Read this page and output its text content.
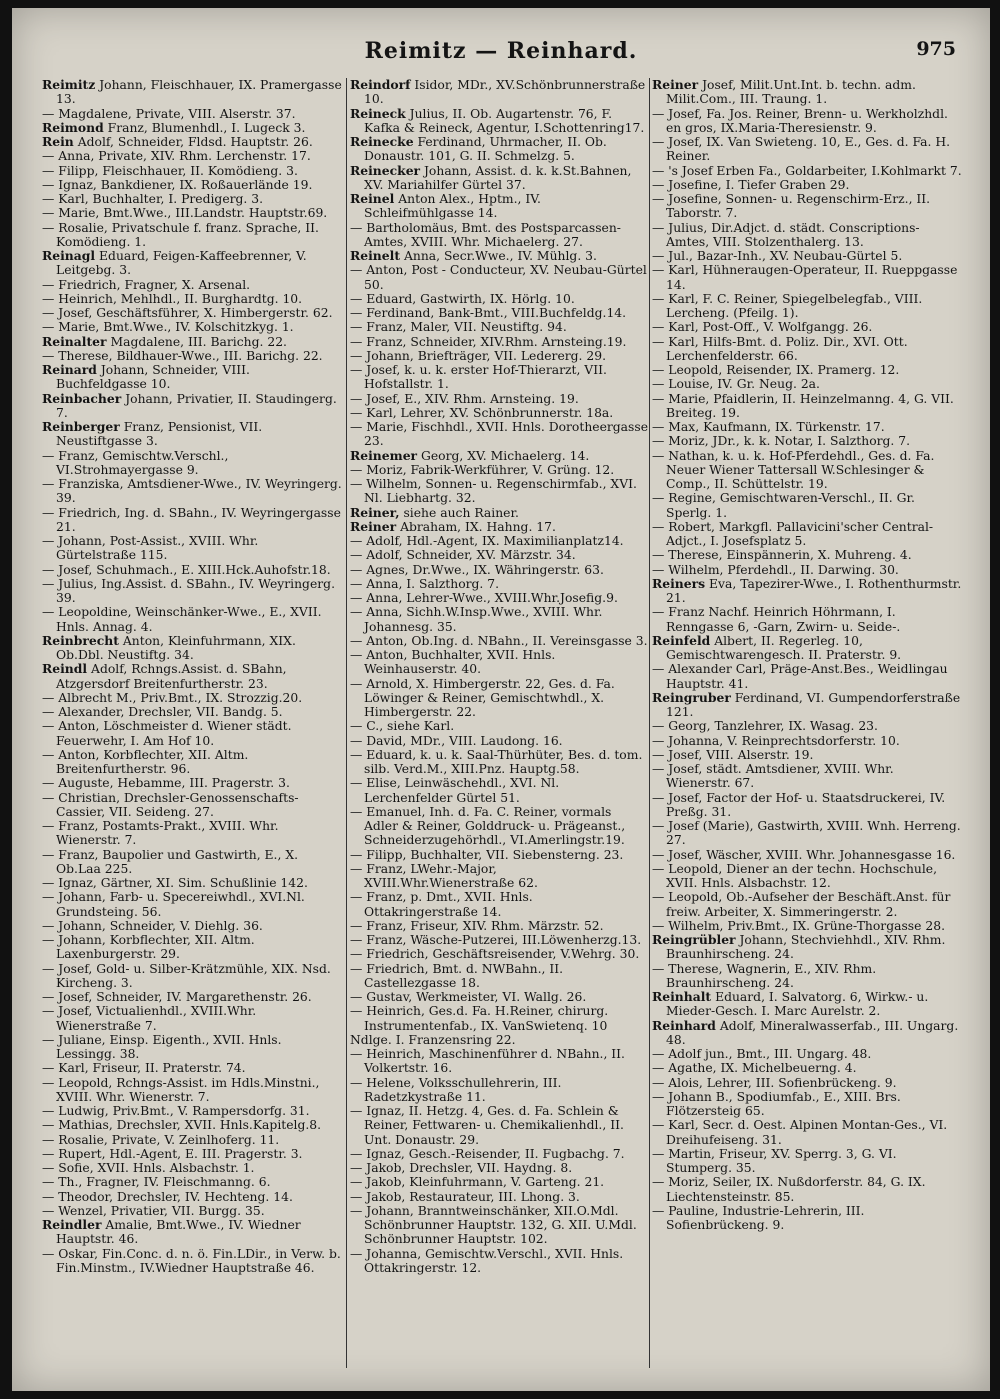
Reimitz — Reinhard.	975

Reimitz Johann, Fleischhauer, IX. Pramergasse 13.

— Magdalene, Private, VIII. Alserstr. 37.

Reimond Franz, Blumenhdl., I. Lugeck 3.

Rein Adolf, Schneider, Fldsd. Hauptstr. 26.

— Anna, Private, XIV. Rhm. Lerchenstr. 17.

— Filipp, Fleischhauer, II. Komödieng. 3.

— Ignaz, Bankdiener, IX. Roßauerlände 19.

— Karl, Buchhalter, I. Predigerg. 3.

— Marie, Bmt.Wwe., III.Landstr. Hauptstr.69.

— Rosalie, Privatschule f. franz. Sprache, II. Komödieng. 1.

Reinagl Eduard, Feigen-Kaffeebrenner, V. Leitgebg. 3.

— Friedrich, Fragner, X. Arsenal.

— Heinrich, Mehlhdl., II. Burghardtg. 10.

— Josef, Geschäftsführer, X. Himbergerstr. 62.

— Marie, Bmt.Wwe., IV. Kolschitzkyg. 1.

Reinalter Magdalene, III. Barichg. 22.

— Therese, Bildhauer-Wwe., III. Barichg. 22.

Reinard Johann, Schneider, VIII. Buchfeldgasse 10.

Reinbacher Johann, Privatier, II. Staudingerg. 7.

Reinberger Franz, Pensionist, VII. Neustiftgasse 3.

— Franz, Gemischtw.Verschl., VI.Strohmayergasse 9.

— Franziska, Amtsdiener-Wwe., IV. Weyringerg. 39.

— Friedrich, Ing. d. SBahn., IV. Weyringergasse 21.

— Johann, Post-Assist., XVIII. Whr. Gürtelstraße 115.

— Josef, Schuhmach., E. XIII.Hck.Auhofstr.18.

— Julius, Ing.Assist. d. SBahn., IV. Weyringerg. 39.

— Leopoldine, Weinschänker-Wwe., E., XVII. Hnls. Annag. 4.

Reinbrecht Anton, Kleinfuhrmann, XIX. Ob.Dbl. Neustiftg. 34.

Reindl Adolf, Rchngs.Assist. d. SBahn, Atzgersdorf Breitenfurtherstr. 23.

— Albrecht M., Priv.Bmt., IX. Strozzig.20.

— Alexander, Drechsler, VII. Bandg. 5.

— Anton, Löschmeister d. Wiener städt. Feuerwehr, I. Am Hof 10.

— Anton, Korbflechter, XII. Altm. Breitenfurtherstr. 96.

— Auguste, Hebamme, III. Pragerstr. 3.

— Christian, Drechsler-Genossenschafts-Cassier, VII. Seideng. 27.

— Franz, Postamts-Prakt., XVIII. Whr. Wienerstr. 7.

— Franz, Baupolier und Gastwirth, E., X. Ob.Laa 225.

— Ignaz, Gärtner, XI. Sim. Schußlinie 142.

— Johann, Farb- u. Specereiwhdl., XVI.Nl. Grundsteing. 56.

— Johann, Schneider, V. Diehlg. 36.

— Johann, Korbflechter, XII. Altm. Laxenburgerstr. 29.

— Josef, Gold- u. Silber-Krätzmühle, XIX. Nsd. Kircheng. 3.

— Josef, Schneider, IV. Margarethenstr. 26.

— Josef, Victualienhdl., XVIII.Whr. Wienerstraße 7.

— Juliane, Einsp. Eigenth., XVII. Hnls. Lessingg. 38.

— Karl, Friseur, II. Praterstr. 74.

— Leopold, Rchngs-Assist. im Hdls.Minstni., XVIII. Whr. Wienerstr. 7.

— Ludwig, Priv.Bmt., V. Rampersdorfg. 31.

— Mathias, Drechsler, XVII. Hnls.Kapitelg.8.

— Rosalie, Private, V. Zeinlhoferg. 11.

— Rupert, Hdl.-Agent, E. III. Pragerstr. 3.

— Sofie, XVII. Hnls. Alsbachstr. 1.

— Th., Fragner, IV. Fleischmanng. 6.

— Theodor, Drechsler, IV. Hechteng. 14.

— Wenzel, Privatier, VII. Burgg. 35.

Reindler Amalie, Bmt.Wwe., IV. Wiedner Hauptstr. 46.

— Oskar, Fin.Conc. d. n. ö. Fin.LDir., in Verw. b. Fin.Minstm., IV.Wiedner Hauptstraße 46.

Reindorf Isidor, MDr., XV.Schönbrunnerstraße 10.

Reineck Julius, II. Ob. Augartenstr. 76, F. Kafka & Reineck, Agentur, I.Schottenring17.

Reinecke Ferdinand, Uhrmacher, II. Ob. Donaustr. 101, G. II. Schmelzg. 5.

Reinecker Johann, Assist. d. k. k.St.Bahnen, XV. Mariahilfer Gürtel 37.

Reinel Anton Alex., Hptm., IV. Schleifmühlgasse 14.

— Bartholomäus, Bmt. des Postsparcassen-Amtes, XVIII. Whr. Michaelerg. 27.

Reinelt Anna, Secr.Wwe., IV. Mühlg. 3.

— Anton, Post - Conducteur, XV. Neubau-Gürtel 50.

— Eduard, Gastwirth, IX. Hörlg. 10.

— Ferdinand, Bank-Bmt., VIII.Buchfeldg.14.

— Franz, Maler, VII. Neustiftg. 94.

— Franz, Schneider, XIV.Rhm. Arnsteing.19.

— Johann, Briefträger, VII. Ledererg. 29.

— Josef, k. u. k. erster Hof-Thierarzt, VII. Hofstallstr. 1.

— Josef, E., XIV. Rhm. Arnsteing. 19.

— Karl, Lehrer, XV. Schönbrunnerstr. 18a.

— Marie, Fischhdl., XVII. Hnls. Dorotheergasse 23.

Reinemer Georg, XV. Michaelerg. 14.

— Moriz, Fabrik-Werkführer, V. Grüng. 12.

— Wilhelm, Sonnen- u. Regenschirmfab., XVI. Nl. Liebhartg. 32.

Reiner, siehe auch Rainer.

Reiner Abraham, IX. Hahng. 17.

— Adolf, Hdl.-Agent, IX. Maximilianplatz14.

— Adolf, Schneider, XV. Märzstr. 34.

— Agnes, Dr.Wwe., IX. Währingerstr. 63.

— Anna, I. Salzthorg. 7.

— Anna, Lehrer-Wwe., XVIII.Whr.Josefig.9.

— Anna, Sichh.W.Insp.Wwe., XVIII. Whr. Johannesg. 35.

— Anton, Ob.Ing. d. NBahn., II. Vereinsgasse 3.

— Anton, Buchhalter, XVII. Hnls. Weinhauserstr. 40.

— Arnold, X. Himbergerstr. 22, Ges. d. Fa. Löwinger & Reiner, Gemischtwhdl., X. Himbergerstr. 22.

— C., siehe Karl.

— David, MDr., VIII. Laudong. 16.

— Eduard, k. u. k. Saal-Thürhüter, Bes. d. tom. silb. Verd.M., XIII.Pnz. Hauptg.58.

— Elise, Leinwäschehdl., XVI. Nl. Lerchenfelder Gürtel 51.

— Emanuel, Inh. d. Fa. C. Reiner, vormals Adler & Reiner, Golddruck- u. Prägeanst., Schneiderzugehörhdl., VI.Amerlingstr.19.

— Filipp, Buchhalter, VII. Siebensterng. 23.

— Franz, LWehr.-Major, XVIII.Whr.Wienerstraße 62.

— Franz, p. Dmt., XVII. Hnls. Ottakringerstraße 14.

— Franz, Friseur, XIV. Rhm. Märzstr. 52.

— Franz, Wäsche-Putzerei, III.Löwenherzg.13.

— Friedrich, Geschäftsreisender, V.Wehrg. 30.

— Friedrich, Bmt. d. NWBahn., II. Castellezgasse 18.

— Gustav, Werkmeister, VI. Wallg. 26.

— Heinrich, Ges.d. Fa. H.Reiner, chirurg. Instrumentenfab., IX. VanSwietenq. 10

Ndlge. I. Franzensring 22.

— Heinrich, Maschinenführer d. NBahn., II. Volkertstr. 16.

— Helene, Volksschullehrerin, III. Radetzkystraße 11.

— Ignaz, II. Hetzg. 4, Ges. d. Fa. Schlein & Reiner, Fettwaren- u. Chemikalienhdl., II. Unt. Donaustr. 29.

— Ignaz, Gesch.-Reisender, II. Fugbachg. 7.

— Jakob, Drechsler, VII. Haydng. 8.

— Jakob, Kleinfuhrmann, V. Garteng. 21.

— Jakob, Restaurateur, III. Lhong. 3.

— Johann, Branntweinschänker, XII.O.Mdl. Schönbrunner Hauptstr. 132, G. XII. U.Mdl. Schönbrunner Hauptstr. 102.

— Johanna, Gemischtw.Verschl., XVII. Hnls. Ottakringerstr. 12.

Reiner Josef, Milit.Unt.Int. b. techn. adm. Milit.Com., III. Traung. 1.

— Josef, Fa. Jos. Reiner, Brenn- u. Werkholzhdl. en gros, IX.Maria-Theresienstr. 9.

— Josef, IX. Van Swieteng. 10, E., Ges. d. Fa. H. Reiner.

— 's Josef Erben Fa., Goldarbeiter, I.Kohlmarkt 7.

— Josefine, I. Tiefer Graben 29.

— Josefine, Sonnen- u. Regenschirm-Erz., II. Taborstr. 7.

— Julius, Dir.Adjct. d. städt. Conscriptions-Amtes, VIII. Stolzenthalerg. 13.

— Jul., Bazar-Inh., XV. Neubau-Gürtel 5.

— Karl, Hühneraugen-Operateur, II. Rueppgasse 14.

— Karl, F. C. Reiner, Spiegelbelegfab., VIII. Lercheng. (Pfeilg. 1).

— Karl, Post-Off., V. Wolfgangg. 26.

— Karl, Hilfs-Bmt. d. Poliz. Dir., XVI. Ott. Lerchenfelderstr. 66.

— Leopold, Reisender, IX. Pramerg. 12.

— Louise, IV. Gr. Neug. 2a.

— Marie, Pfaidlerin, II. Heinzelmanng. 4, G. VII. Breiteg. 19.

— Max, Kaufmann, IX. Türkenstr. 17.

— Moriz, JDr., k. k. Notar, I. Salzthorg. 7.

— Nathan, k. u. k. Hof-Pferdehdl., Ges. d. Fa. Neuer Wiener Tattersall W.Schlesinger & Comp., II. Schüttelstr. 19.

— Regine, Gemischtwaren-Verschl., II. Gr. Sperlg. 1.

— Robert, Markgfl. Pallavicini'scher Central-Adjct., I. Josefsplatz 5.

— Therese, Einspännerin, X. Muhreng. 4.

— Wilhelm, Pferdehdl., II. Darwing. 30.

Reiners Eva, Tapezirer-Wwe., I. Rothenthurmstr. 21.

— Franz Nachf. Heinrich Höhrmann, I. Renngasse 6, -Garn, Zwirn- u. Seide-.

Reinfeld Albert, II. Regerleg. 10, Gemischtwarengesch. II. Praterstr. 9.

— Alexander Carl, Präge-Anst.Bes., Weidlingau Hauptstr. 41.

Reingruber Ferdinand, VI. Gumpendorferstraße 121.

— Georg, Tanzlehrer, IX. Wasag. 23.

— Johanna, V. Reinprechtsdorferstr. 10.

— Josef, VIII. Alserstr. 19.

— Josef, städt. Amtsdiener, XVIII. Whr. Wienerstr. 67.

— Josef, Factor der Hof- u. Staatsdruckerei, IV. Preßg. 31.

— Josef (Marie), Gastwirth, XVIII. Wnh. Herreng. 27.

— Josef, Wäscher, XVIII. Whr. Johannesgasse 16.

— Leopold, Diener an der techn. Hochschule, XVII. Hnls. Alsbachstr. 12.

— Leopold, Ob.-Aufseher der Beschäft.Anst. für freiw. Arbeiter, X. Simmeringerstr. 2.

— Wilhelm, Priv.Bmt., IX. Grüne-Thorgasse 28.

Reingrübler Johann, Stechviehhdl., XIV. Rhm. Braunhirscheng. 24.

— Therese, Wagnerin, E., XIV. Rhm. Braunhirscheng. 24.

Reinhalt Eduard, I. Salvatorg. 6, Wirkw.- u. Mieder-Gesch. I. Marc Aurelstr. 2.

Reinhard Adolf, Mineralwasserfab., III. Ungarg. 48.

— Adolf jun., Bmt., III. Ungarg. 48.

— Agathe, IX. Michelbeuerng. 4.

— Alois, Lehrer, III. Sofienbrückeng. 9.

— Johann B., Spodiumfab., E., XIII. Brs. Flötzersteig 65.

— Karl, Secr. d. Oest. Alpinen Montan-Ges., VI. Dreihufeiseng. 31.

— Martin, Friseur, XV. Sperrg. 3, G. VI. Stumperg. 35.

— Moriz, Seiler, IX. Nußdorferstr. 84, G. IX. Liechtensteinstr. 85.

— Pauline, Industrie-Lehrerin, III. Sofienbrückeng. 9.
